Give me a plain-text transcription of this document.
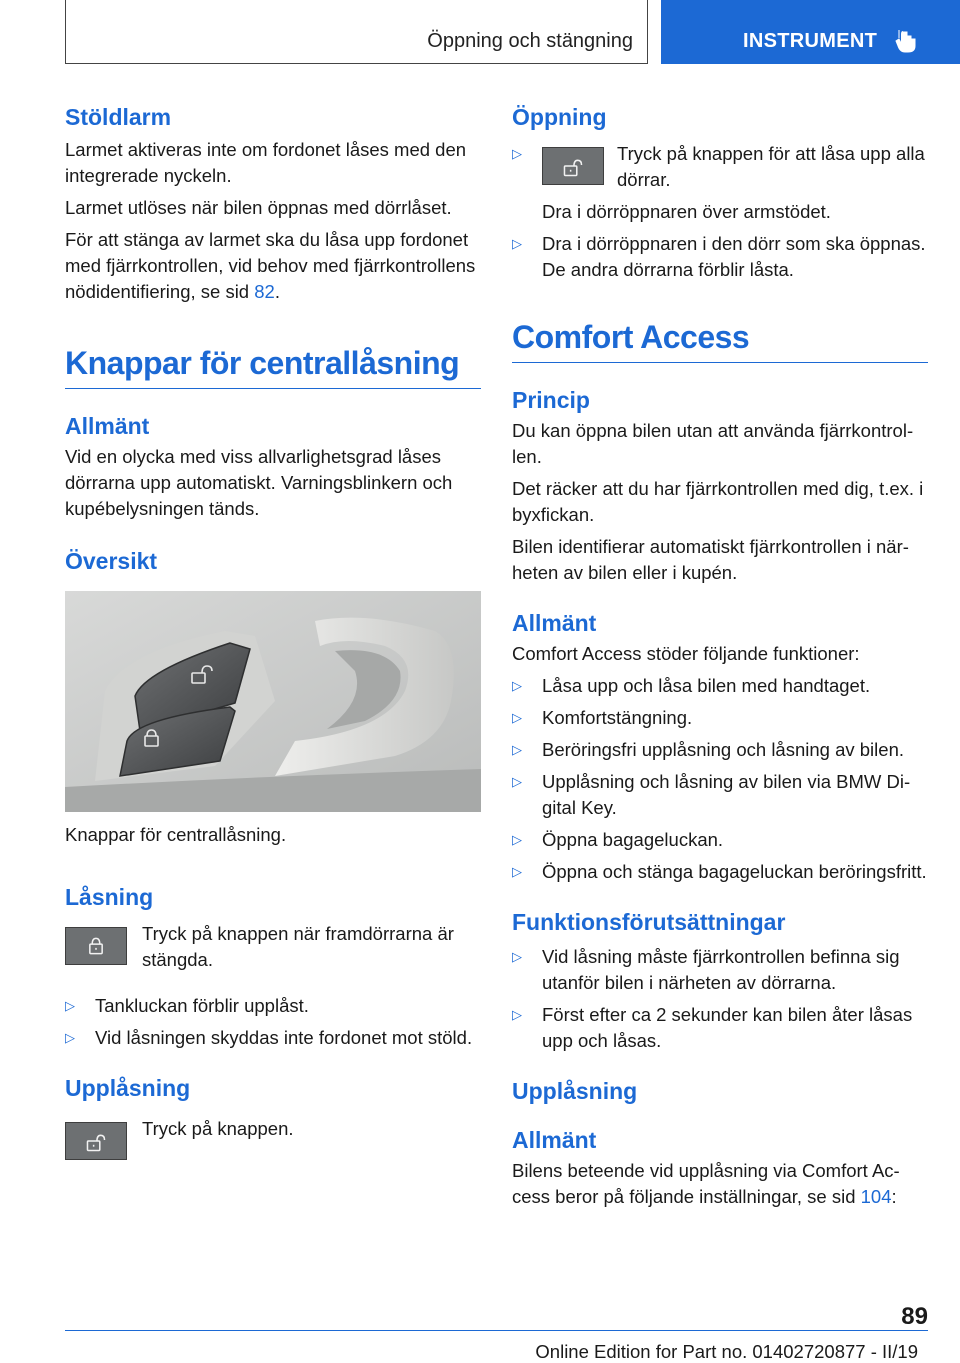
Öppning och stängning	INSTRUMENT
Stöldlarm

Larmet aktiveras inte om fordonet låses med den integrerade nyckeln.

Larmet utlöses när bilen öppnas med dörrlåset.

För att stänga av larmet ska du låsa upp fordonet med fjärrkontrollen, vid behov med fjärrkontrollens nödidentifiering, se sid 82.

Knappar för centrallåsning
Allmänt

Vid en olycka med viss allvarlighetsgrad låses dörrarna upp automatiskt. Varningsblinkern och kupébelysningen tänds.

Översikt

Knappar för centrallåsning.

Låsning
Tryck på knappen när framdörrarna är stängda.
▷ Tankluckan förblir upplåst.
▷ Vid låsningen skyddas inte fordonet mot stöld.
Upplåsning
Tryck på knappen.
Öppning
▷	Tryck på knappen för att låsa upp alla dörrar.

Dra i dörröppnaren över armstödet.

▷ Dra i dörröppnaren i den dörr som ska öppnas. De andra dörrarna förblir låsta.
Comfort Access
Princip

Du kan öppna bilen utan att använda fjärrkontrollen.

Det räcker att du har fjärrkontrollen med dig, t.ex. i byxfickan.

Bilen identifierar automatiskt fjärrkontrollen i närheten av bilen eller i kupén.

Allmänt

Comfort Access stöder följande funktioner:

▷ Låsa upp och låsa bilen med handtaget.
▷ Komfortstängning.
▷ Beröringsfri upplåsning och låsning av bilen.
▷ Upplåsning och låsning av bilen via BMW Digital Key.
▷ Öppna bagageluckan.
▷ Öppna och stänga bagageluckan beröringsfritt.
Funktionsförutsättningar
▷ Vid låsning måste fjärrkontrollen befinna sig utanför bilen i närheten av dörrarna.
▷ Först efter ca 2 sekunder kan bilen åter låsas upp och låsas.
Upplåsning
Allmänt

Bilens beteende vid upplåsning via Comfort Access beror på följande inställningar, se sid 104:

89
Online Edition for Part no. 01402720877 - II/19
